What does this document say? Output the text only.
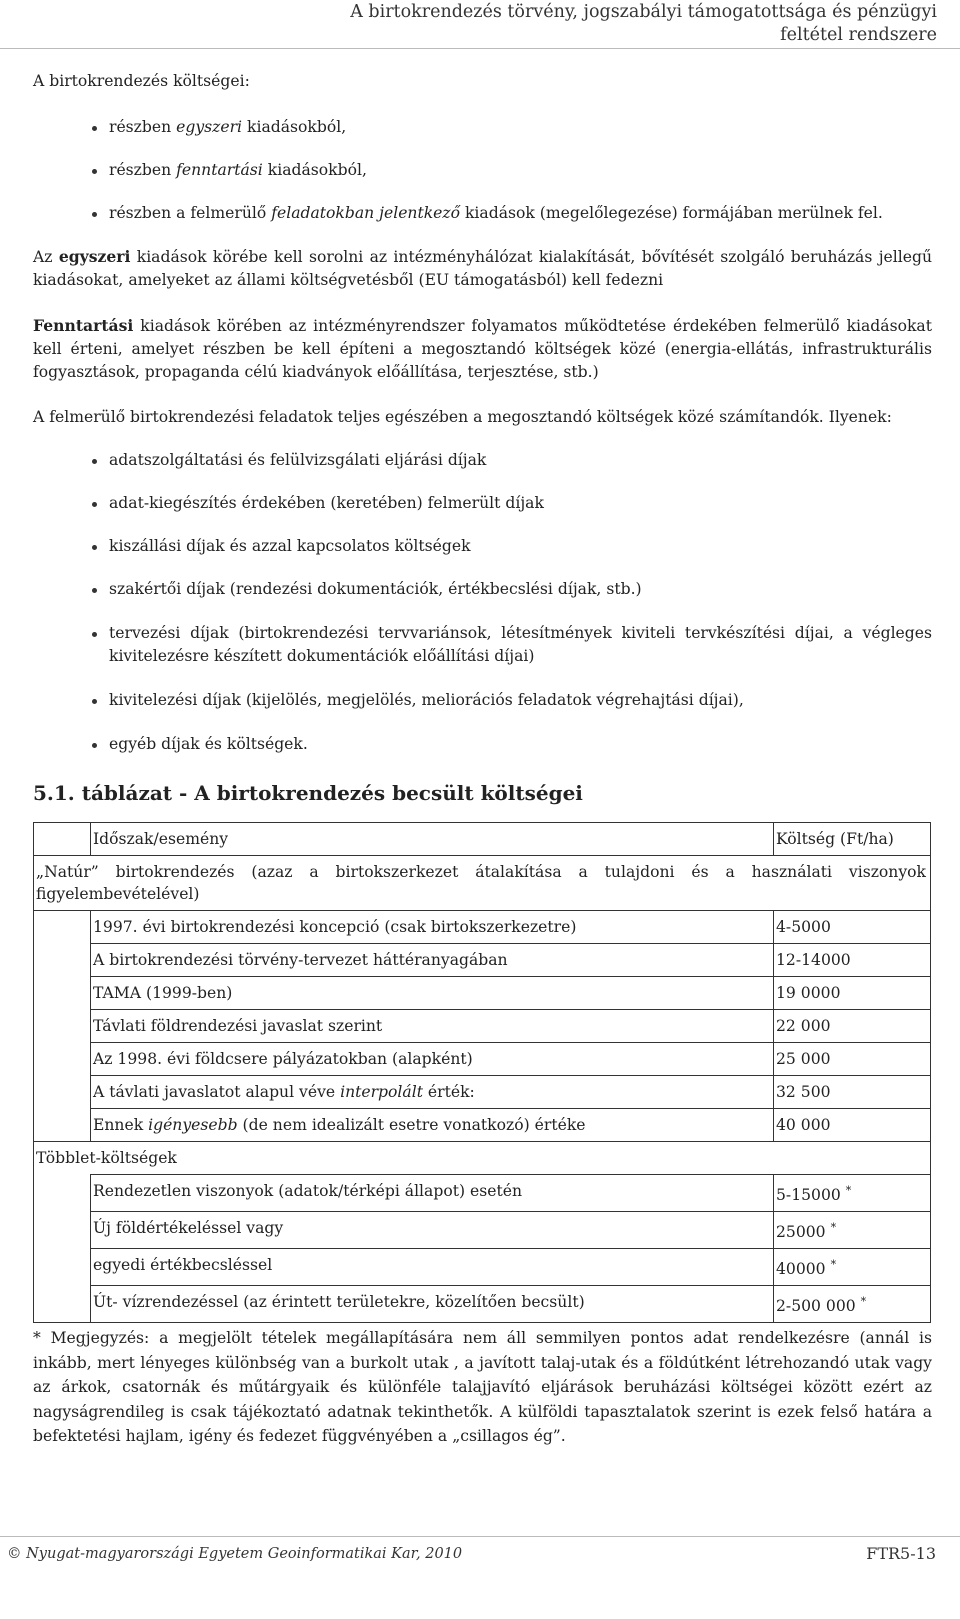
A birtokrendezés törvény, jogszabályi támogatottsága és pénzügyi
feltétel rendszere
A birtokrendezés költségei:
részben egyszeri kiadásokból,
részben fenntartási kiadásokból,
részben a felmerülő feladatokban jelentkező kiadások (megelőlegezése) formájában merülnek fel.
Az egyszeri kiadások körébe kell sorolni az intézményhálózat kialakítását, bővítését szolgáló beruházás jellegű kiadásokat, amelyeket az állami költségvetésből (EU támogatásból) kell fedezni
Fenntartási kiadások körében az intézményrendszer folyamatos működtetése érdekében felmerülő kiadásokat kell érteni, amelyet részben be kell építeni a megosztandó költségek közé (energia-ellátás, infrastrukturális fogyasztások, propaganda célú kiadványok előállítása, terjesztése, stb.)
A felmerülő birtokrendezési feladatok teljes egészében a megosztandó költségek közé számítandók. Ilyenek:
adatszolgáltatási és felülvizsgálati eljárási díjak
adat-kiegészítés érdekében (keretében) felmerült díjak
kiszállási díjak és azzal kapcsolatos költségek
szakértői díjak (rendezési dokumentációk, értékbecslési díjak, stb.)
tervezési díjak (birtokrendezési tervvariánsok, létesítmények kiviteli tervkészítési díjai, a végleges kivitelezésre készített dokumentációk előállítási díjai)
kivitelezési díjak (kijelölés, megjelölés, meliorációs feladatok végrehajtási díjai),
egyéb díjak és költségek.
5.1. táblázat - A birtokrendezés becsült költségei
	Időszak/esemény	Költség (Ft/ha)
„Natúr” birtokrendezés (azaz a birtokszerkezet átalakítása a tulajdoni és a használati viszonyok figyelembevételével)		
	1997. évi birtokrendezési koncepció (csak birtokszerkezetre)	4-5000
	A birtokrendezési törvény-tervezet háttéranyagában	12-14000
	TAMA (1999-ben)	19 0000
	Távlati földrendezési javaslat szerint	22 000
	Az 1998. évi földcsere pályázatokban (alapként)	25 000
	A távlati javaslatot alapul véve interpolált érték:	32 500
	Ennek igényesebb (de nem idealizált esetre vonatkozó) értéke	40 000
Többlet-költségek		
	Rendezetlen viszonyok (adatok/térképi állapot) esetén	5-15000 *
	Új földértékeléssel vagy	25000 *
	egyedi értékbecsléssel	40000 *
	Út- vízrendezéssel (az érintett területekre, közelítően becsült)	2-500 000 *
* Megjegyzés: a megjelölt tételek megállapítására nem áll semmilyen pontos adat rendelkezésre (annál is inkább, mert lényeges különbség van a burkolt utak , a javított talaj-utak és a földútként létrehozandó utak vagy az árkok, csatornák és műtárgyaik és különféle talajjavító eljárások beruházási költségei között ezért az nagyságrendileg is csak tájékoztató adatnak tekinthetők. A külföldi tapasztalatok szerint is ezek felső határa a befektetési hajlam, igény és fedezet függvényében a „csillagos ég”.
© Nyugat-magyarországi Egyetem Geoinformatikai Kar, 2010	FTR5-13
